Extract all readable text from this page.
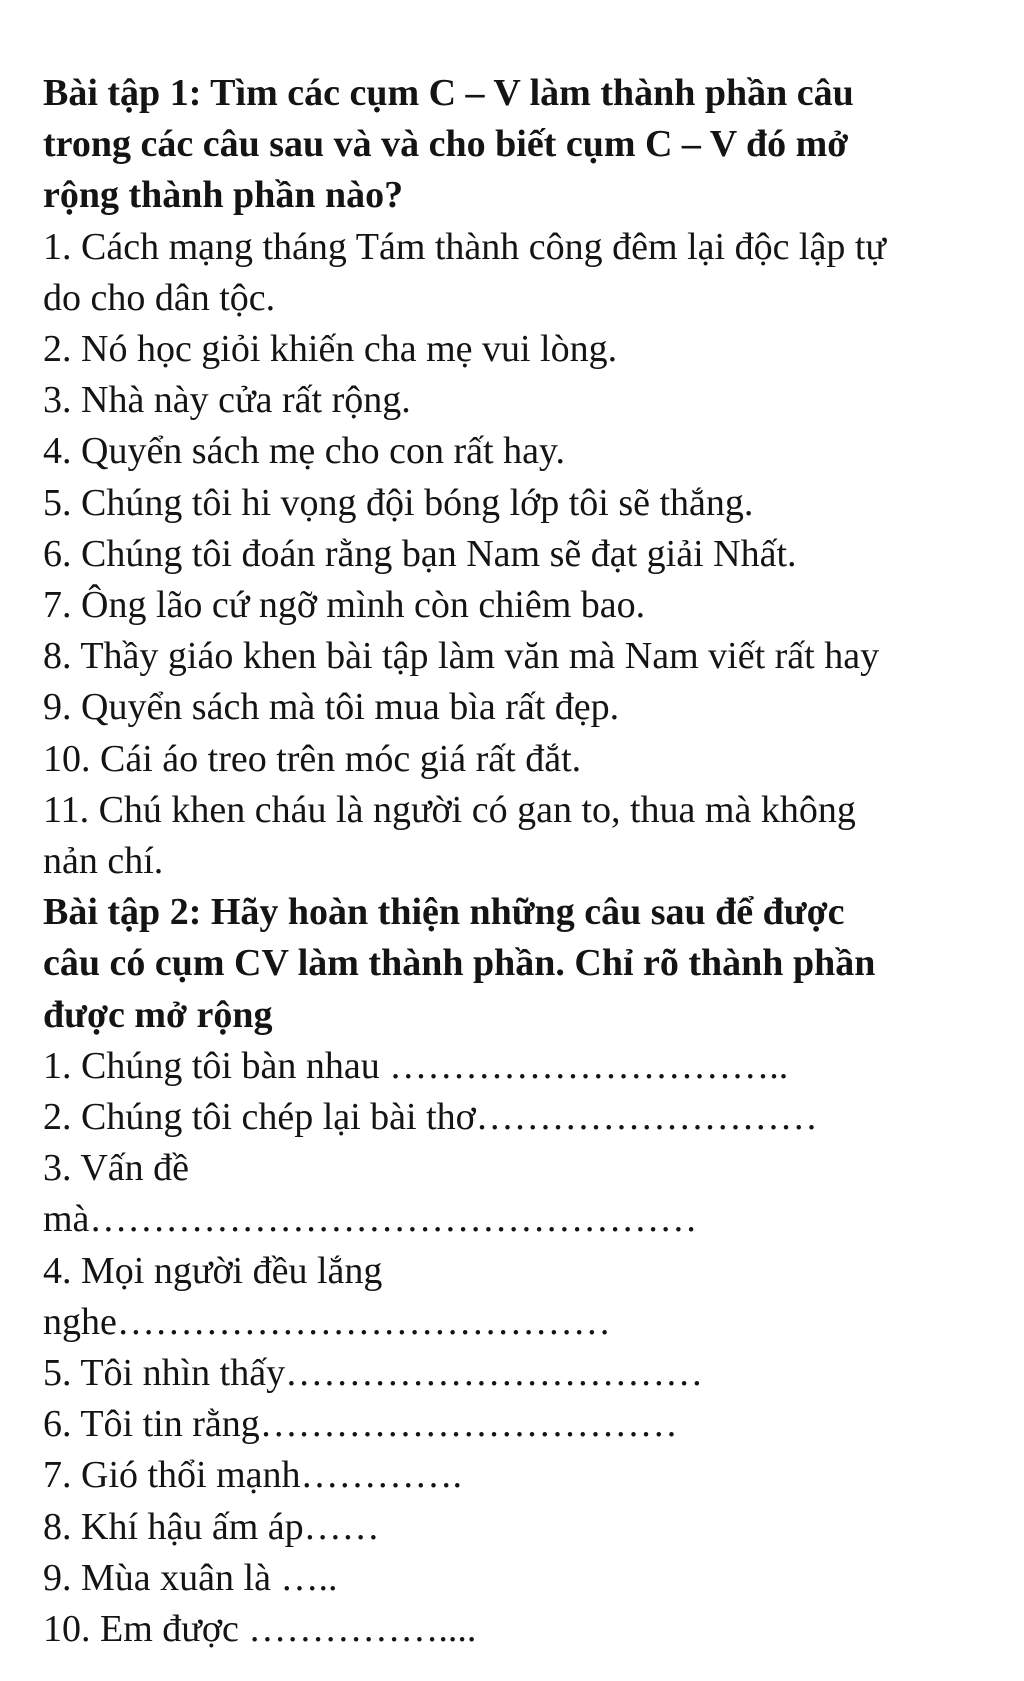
Bài tập 1: Tìm các cụm C – V làm thành phần câu
trong các câu sau và và cho biết cụm C – V đó mở
rộng thành phần nào?
1. Cách mạng tháng Tám thành công đêm lại độc lập tự
do cho dân tộc.
2. Nó học giỏi khiến cha mẹ vui lòng.
3. Nhà này cửa rất rộng.
4. Quyển sách mẹ cho con rất hay.
5. Chúng tôi hi vọng đội bóng lớp tôi sẽ thắng.
6. Chúng tôi đoán rằng bạn Nam sẽ đạt giải Nhất.
7. Ông lão cứ ngỡ mình còn chiêm bao.
8. Thầy giáo khen bài tập làm văn mà Nam viết rất hay
9. Quyển sách mà tôi mua bìa rất đẹp.
10. Cái áo treo trên móc giá rất đắt.
11. Chú khen cháu là người có gan to, thua mà không
nản chí.
Bài tập 2: Hãy hoàn thiện những câu sau để được
câu có cụm CV làm thành phần. Chỉ rõ thành phần
được mở rộng
1. Chúng tôi bàn nhau …………………………..
2. Chúng tôi chép lại bài thơ………………………
3. Vấn đề
mà…………………………………………
4. Mọi người đều lắng
nghe…………………………………
5. Tôi nhìn thấy……………………………
6. Tôi tin rằng……………………………
7. Gió thổi mạnh………….
8. Khí hậu ấm áp……
9. Mùa xuân là …..
10. Em được ……………....
